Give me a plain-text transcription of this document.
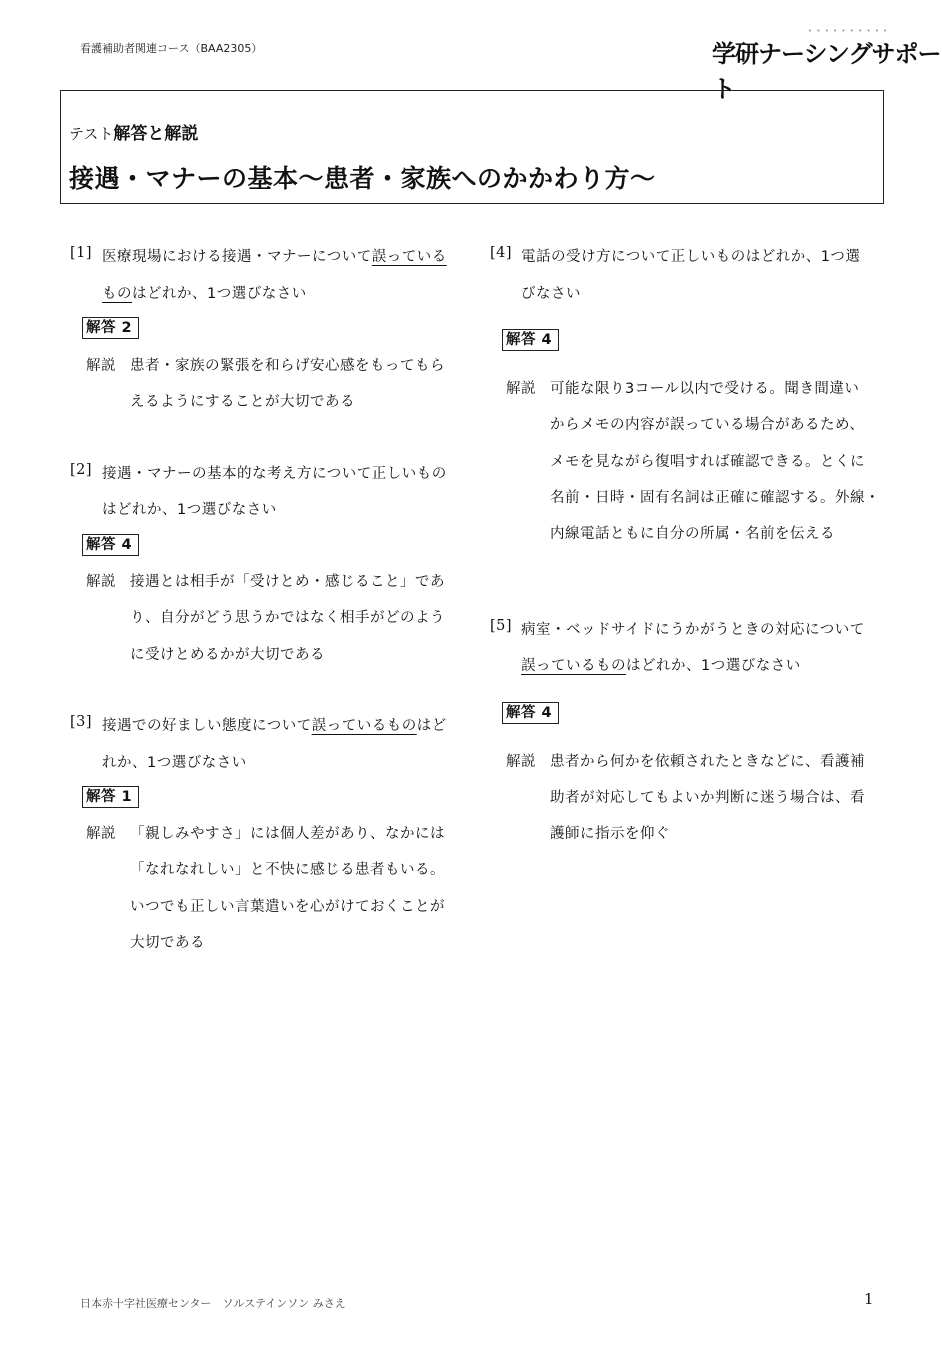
看護補助者関連コース（BAA2305）
• • • • • • • • • •
学研ナーシングサポート
テスト解答と解説
接遇・マナーの基本〜患者・家族へのかかわり方〜
[1] 医療現場における接遇・マナーについて誤っている
ものはどれか、1つ選びなさい
解答 2
解説 患者・家族の緊張を和らげ安心感をもってもら
えるようにすることが大切である
[2] 接遇・マナーの基本的な考え方について正しいもの
はどれか、1つ選びなさい
解答 4
解説 接遇とは相手が「受けとめ・感じること」であ
り、自分がどう思うかではなく相手がどのよう
に受けとめるかが大切である
[3] 接遇での好ましい態度について誤っているものはど
れか、1つ選びなさい
解答 1
解説 「親しみやすさ」には個人差があり、なかには
「なれなれしい」と不快に感じる患者もいる。
いつでも正しい言葉遣いを心がけておくことが
大切である
[4] 電話の受け方について正しいものはどれか、1つ選
びなさい
解答 4
解説 可能な限り3コール以内で受ける。聞き間違い
からメモの内容が誤っている場合があるため、
メモを見ながら復唱すれば確認できる。とくに
名前・日時・固有名詞は正確に確認する。外線・
内線電話ともに自分の所属・名前を伝える
[5] 病室・ベッドサイドにうかがうときの対応について
誤っているものはどれか、1つ選びなさい
解答 4
解説 患者から何かを依頼されたときなどに、看護補
助者が対応してもよいか判断に迷う場合は、看
護師に指示を仰ぐ
日本赤十字社医療センター　ソルステインソン みさえ	1
